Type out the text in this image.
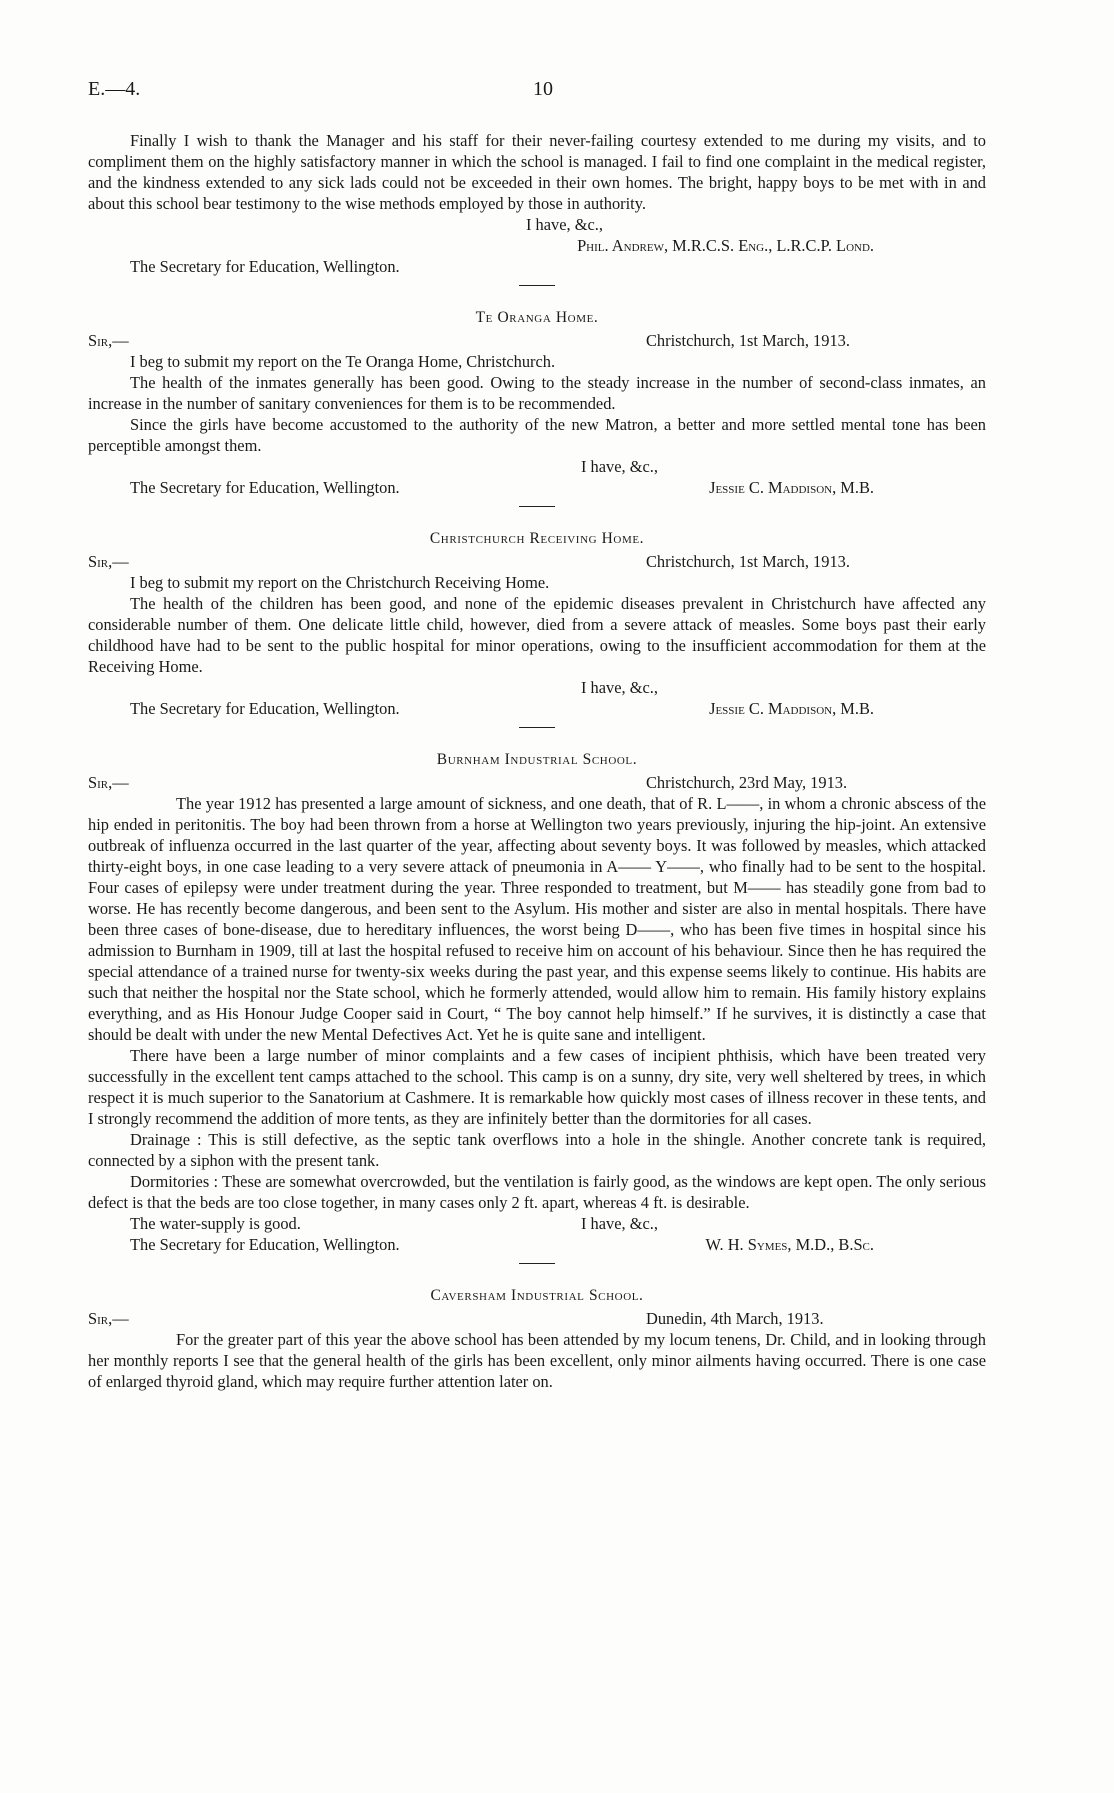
E.—4.	10

Finally I wish to thank the Manager and his staff for their never-failing courtesy extended to me during my visits, and to compliment them on the highly satisfactory manner in which the school is managed. I fail to find one complaint in the medical register, and the kindness extended to any sick lads could not be exceeded in their own homes. The bright, happy boys to be met with in and about this school bear testimony to the wise methods employed by those in authority.

I have, &c.,
Phil. Andrew, M.R.C.S. Eng., L.R.C.P. Lond.
The Secretary for Education, Wellington.
Te Oranga Home.
Sir,—	Christchurch, 1st March, 1913.

I beg to submit my report on the Te Oranga Home, Christchurch.

The health of the inmates generally has been good. Owing to the steady increase in the number of second-class inmates, an increase in the number of sanitary conveniences for them is to be recommended.

Since the girls have become accustomed to the authority of the new Matron, a better and more settled mental tone has been perceptible amongst them.

I have, &c.,
The Secretary for Education, Wellington.	Jessie C. Maddison, M.B.
Christchurch Receiving Home.
Sir,—	Christchurch, 1st March, 1913.

I beg to submit my report on the Christchurch Receiving Home.

The health of the children has been good, and none of the epidemic diseases prevalent in Christchurch have affected any considerable number of them. One delicate little child, however, died from a severe attack of measles. Some boys past their early childhood have had to be sent to the public hospital for minor operations, owing to the insufficient accommodation for them at the Receiving Home.

I have, &c.,
The Secretary for Education, Wellington.	Jessie C. Maddison, M.B.
Burnham Industrial School.
Sir,—	Christchurch, 23rd May, 1913.

The year 1912 has presented a large amount of sickness, and one death, that of R. L——, in whom a chronic abscess of the hip ended in peritonitis. The boy had been thrown from a horse at Wellington two years previously, injuring the hip-joint. An extensive outbreak of influenza occurred in the last quarter of the year, affecting about seventy boys. It was followed by measles, which attacked thirty-eight boys, in one case leading to a very severe attack of pneumonia in A—— Y——, who finally had to be sent to the hospital. Four cases of epilepsy were under treatment during the year. Three responded to treatment, but M—— has steadily gone from bad to worse. He has recently become dangerous, and been sent to the Asylum. His mother and sister are also in mental hospitals. There have been three cases of bone-disease, due to hereditary influences, the worst being D——, who has been five times in hospital since his admission to Burnham in 1909, till at last the hospital refused to receive him on account of his behaviour. Since then he has required the special attendance of a trained nurse for twenty-six weeks during the past year, and this expense seems likely to continue. His habits are such that neither the hospital nor the State school, which he formerly attended, would allow him to remain. His family history explains everything, and as His Honour Judge Cooper said in Court, “ The boy cannot help himself.” If he survives, it is distinctly a case that should be dealt with under the new Mental Defectives Act. Yet he is quite sane and intelligent.

There have been a large number of minor complaints and a few cases of incipient phthisis, which have been treated very successfully in the excellent tent camps attached to the school. This camp is on a sunny, dry site, very well sheltered by trees, in which respect it is much superior to the Sanatorium at Cashmere. It is remarkable how quickly most cases of illness recover in these tents, and I strongly recommend the addition of more tents, as they are infinitely better than the dormitories for all cases.

Drainage : This is still defective, as the septic tank overflows into a hole in the shingle. Another concrete tank is required, connected by a siphon with the present tank.

Dormitories : These are somewhat overcrowded, but the ventilation is fairly good, as the windows are kept open. The only serious defect is that the beds are too close together, in many cases only 2 ft. apart, whereas 4 ft. is desirable.

The water-supply is good.	I have, &c.,
The Secretary for Education, Wellington.	W. H. Symes, M.D., B.Sc.
Caversham Industrial School.
Sir,—	Dunedin, 4th March, 1913.

For the greater part of this year the above school has been attended by my locum tenens, Dr. Child, and in looking through her monthly reports I see that the general health of the girls has been excellent, only minor ailments having occurred. There is one case of enlarged thyroid gland, which may require further attention later on.
